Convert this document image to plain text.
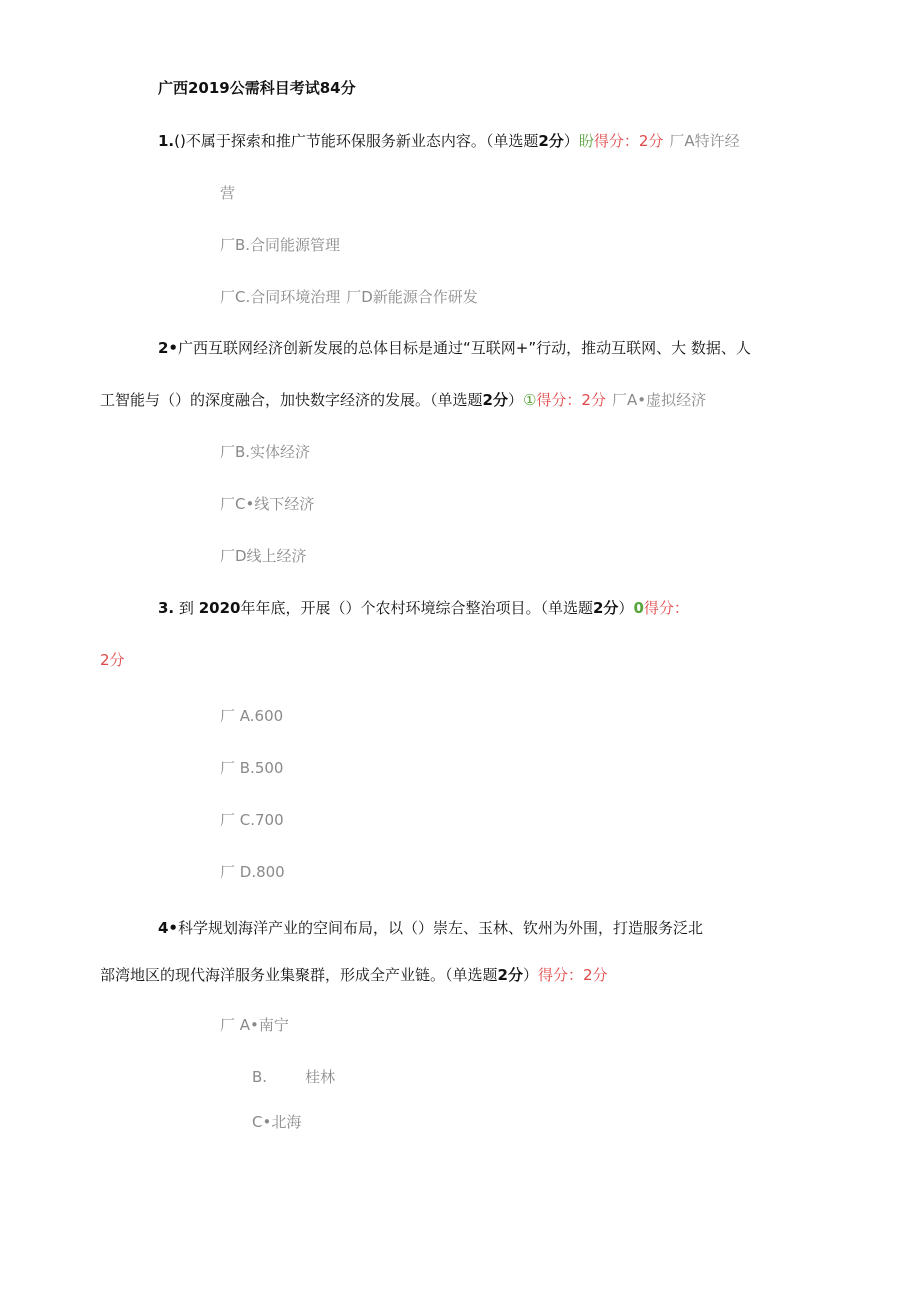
广西2019公需科目考试84分
1.()不属于探索和推广节能环保服务新业态内容。（单选题2分）盼得分：2分 厂A特许经
营
厂B.合同能源管理
厂C.合同环境治理 厂D新能源合作研发
2•广西互联网经济创新发展的总体目标是通过“互联网+”行动，推动互联网、大 数据、人
工智能与（）的深度融合，加快数字经济的发展。（单选题2分）①得分：2分 厂A•虚拟经济
厂B.实体经济
厂C•线下经济
厂D线上经济
3. 到 2020年年底，开展（）个农村环境综合整治项目。（单选题2分）0得分：
2分
厂 A.600
厂 B.500
厂 C.700
厂 D.800
4•科学规划海洋产业的空间布局，以（）崇左、玉林、钦州为外围，打造服务泛北
部湾地区的现代海洋服务业集聚群，形成全产业链。（单选题2分）得分：2分
厂 A•南宁
B.	桂林
C•北海
